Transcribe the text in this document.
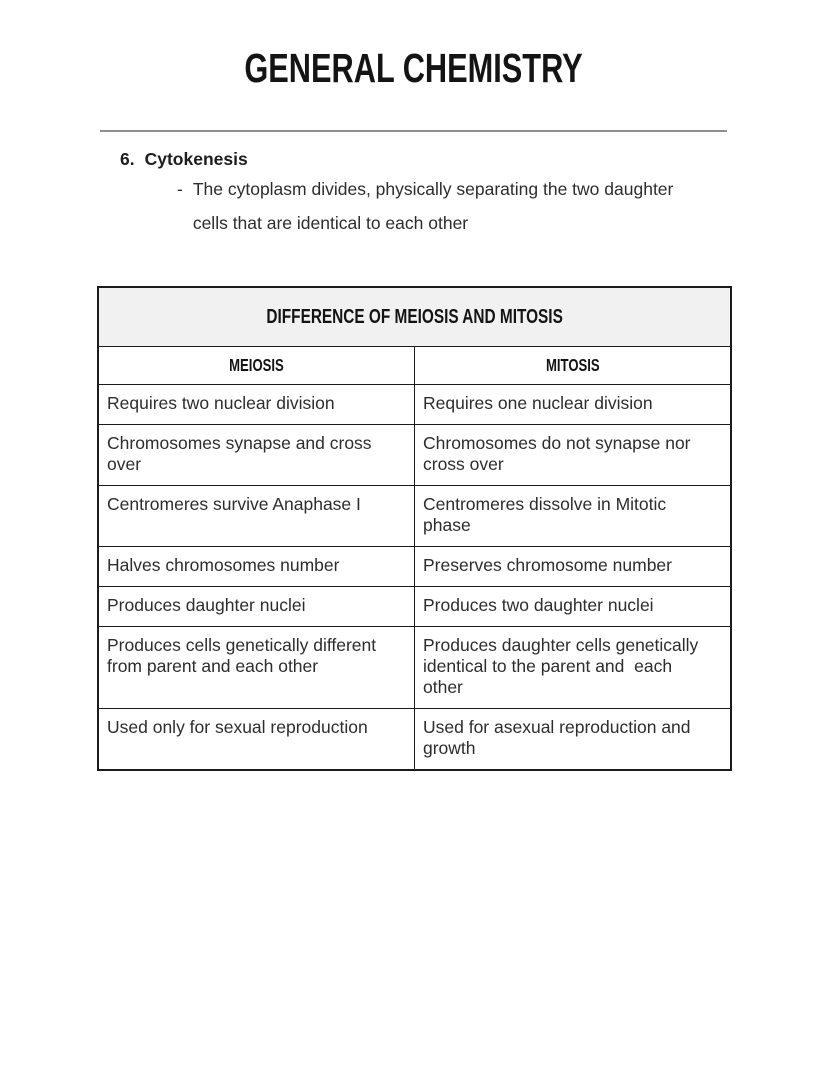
GENERAL CHEMISTRY
6. Cytokenesis
- The cytoplasm divides, physically separating the two daughter cells that are identical to each other
DIFFERENCE OF MEIOSIS AND MITOSIS	
MEIOSIS	MITOSIS
Requires two nuclear division	Requires one nuclear division
Chromosomes synapse and cross over	Chromosomes do not synapse nor cross over
Centromeres survive Anaphase I	Centromeres dissolve in Mitotic phase
Halves chromosomes number	Preserves chromosome number
Produces daughter nuclei	Produces two daughter nuclei
Produces cells genetically different from parent and each other	Produces daughter cells genetically identical to the parent and  each other
Used only for sexual reproduction	Used for asexual reproduction and growth
